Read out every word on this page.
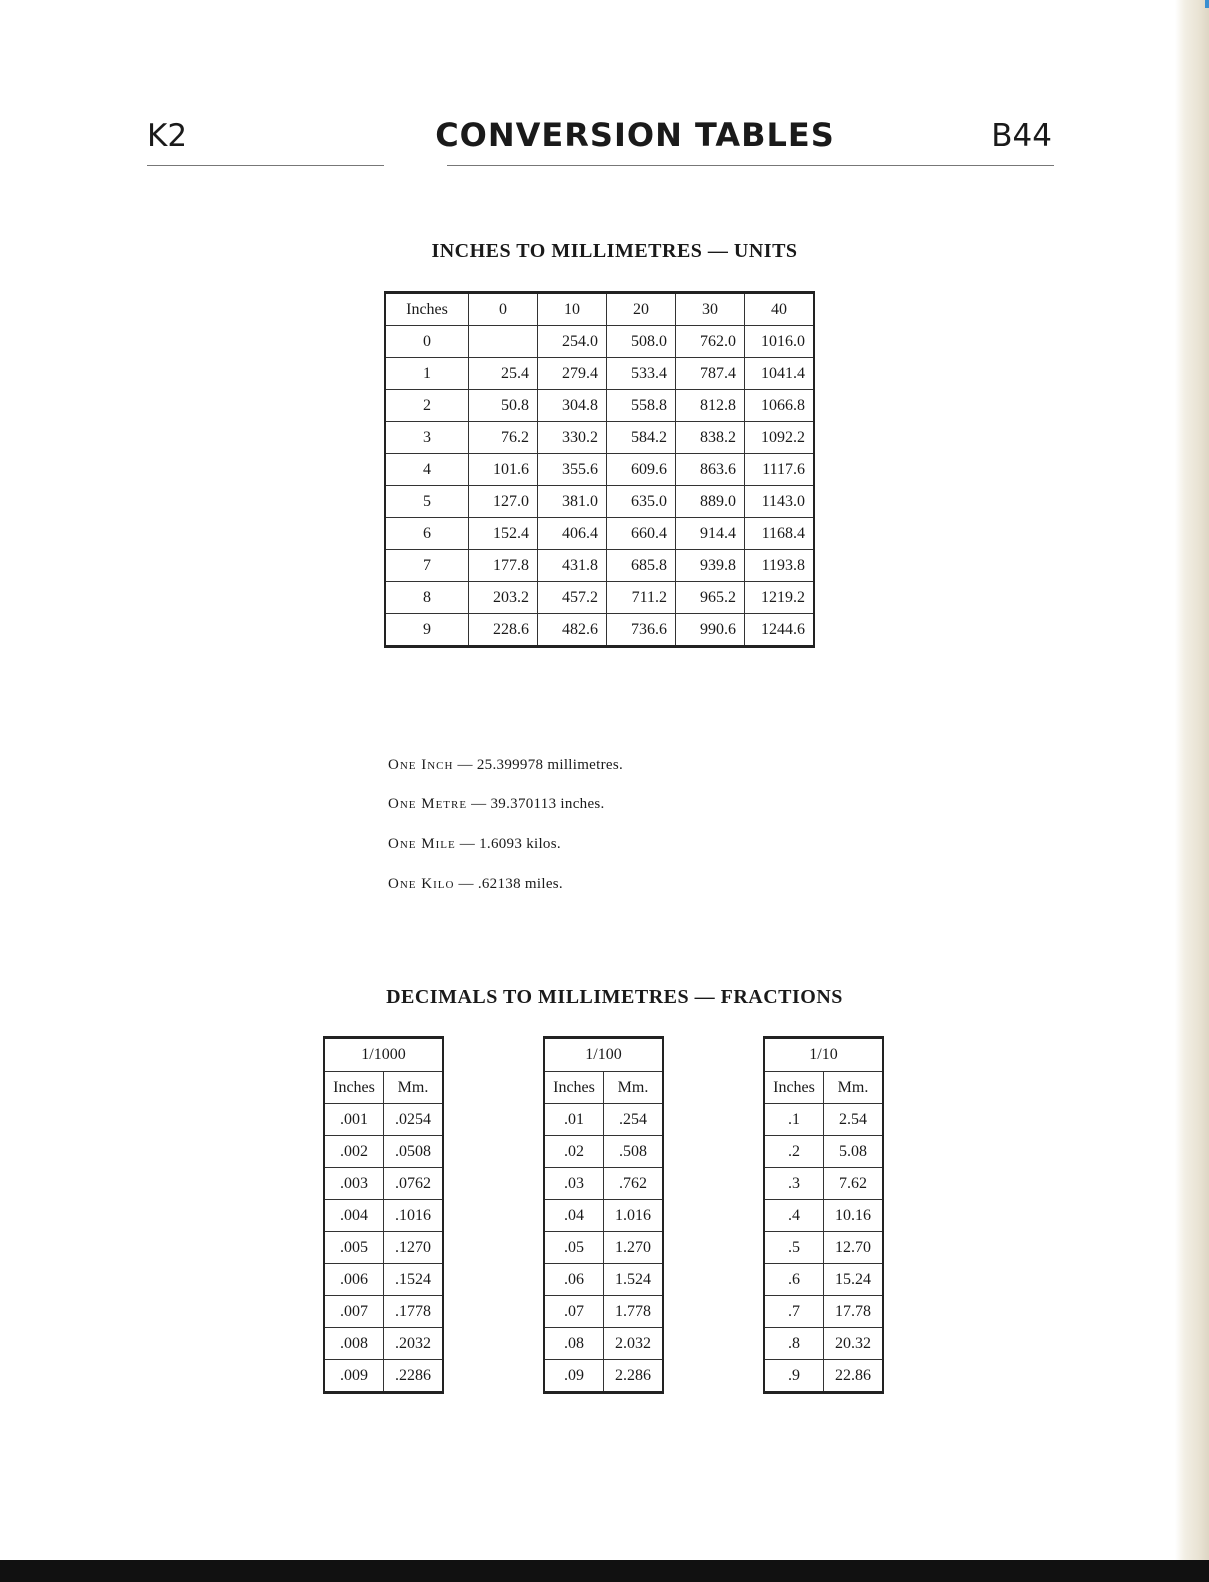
K2	CONVERSION TABLES	B44
INCHES TO MILLIMETRES — UNITS
Inches	0	10	20	30	40
0		254.0	508.0	762.0	1016.0
1	25.4	279.4	533.4	787.4	1041.4
2	50.8	304.8	558.8	812.8	1066.8
3	76.2	330.2	584.2	838.2	1092.2
4	101.6	355.6	609.6	863.6	1117.6
5	127.0	381.0	635.0	889.0	1143.0
6	152.4	406.4	660.4	914.4	1168.4
7	177.8	431.8	685.8	939.8	1193.8
8	203.2	457.2	711.2	965.2	1219.2
9	228.6	482.6	736.6	990.6	1244.6
One Inch — 25.399978 millimetres.
One Metre — 39.370113 inches.
One Mile — 1.6093 kilos.
One Kilo — .62138 miles.
DECIMALS TO MILLIMETRES — FRACTIONS
1/1000	
Inches	Mm.
.001	.0254
.002	.0508
.003	.0762
.004	.1016
.005	.1270
.006	.1524
.007	.1778
.008	.2032
.009	.2286
1/100	
Inches	Mm.
.01	.254
.02	.508
.03	.762
.04	1.016
.05	1.270
.06	1.524
.07	1.778
.08	2.032
.09	2.286
1/10	
Inches	Mm.
.1	2.54
.2	5.08
.3	7.62
.4	10.16
.5	12.70
.6	15.24
.7	17.78
.8	20.32
.9	22.86
